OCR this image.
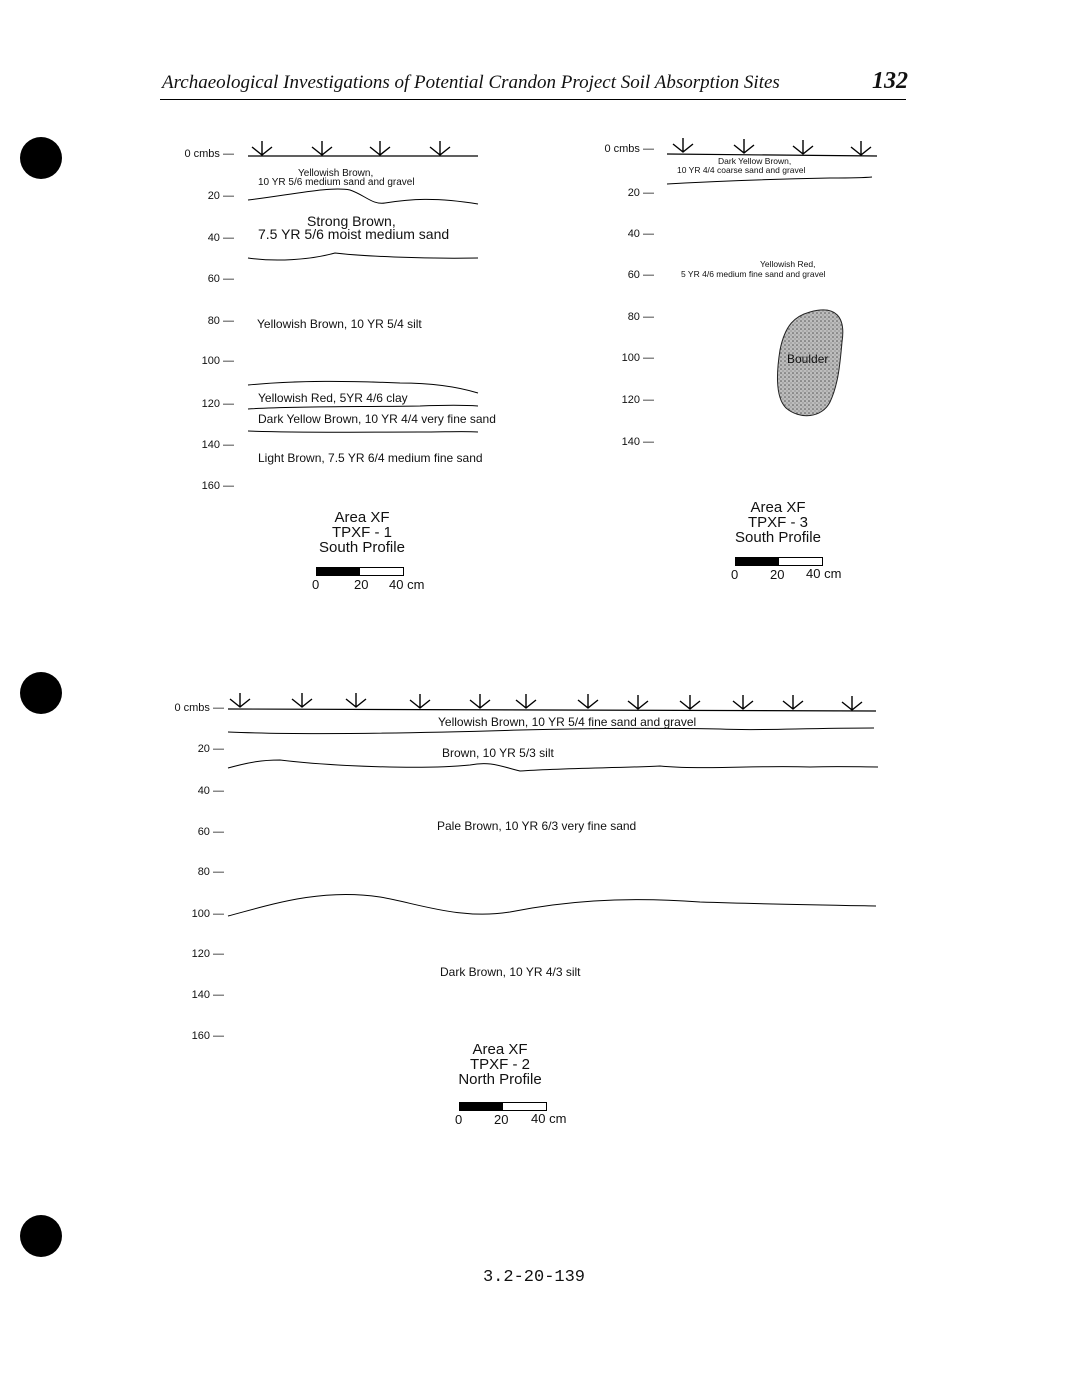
Archaeological Investigations of Potential Crandon Project Soil Absorption Sites	132
0 cmbs —
20 —
40 —
60 —
80 —
100 —
120 —
140 —
160 —
Yellowish Brown,
10 YR 5/6 medium sand and gravel
Strong Brown,
7.5 YR 5/6 moist medium sand
Yellowish Brown, 10 YR 5/4 silt
Yellowish Red, 5YR 4/6 clay
Dark Yellow Brown, 10 YR 4/4 very fine sand
Light Brown, 7.5 YR 6/4 medium fine sand
Area XF
TPXF - 1
South Profile
0	20 40 cm
0 cmbs —
20 —
40 —
60 —
80 —
100 —
120 —
140 —
Dark Yellow Brown,
10 YR 4/4 coarse sand and gravel
Yellowish Red,
5 YR 4/6 medium fine sand and gravel
Boulder
Area XF
TPXF - 3
South Profile
0 20 40 cm
0 cmbs —
20 —
40 —
60 —
80 —
100 —
120 —
140 —
160 —
Yellowish Brown, 10 YR 5/4 fine sand and gravel
Brown, 10 YR 5/3 silt
Pale Brown, 10 YR 6/3 very fine sand
Dark Brown, 10 YR 4/3 silt
Area XF
TPXF - 2
North Profile
0 20 40 cm
3.2-20-139
